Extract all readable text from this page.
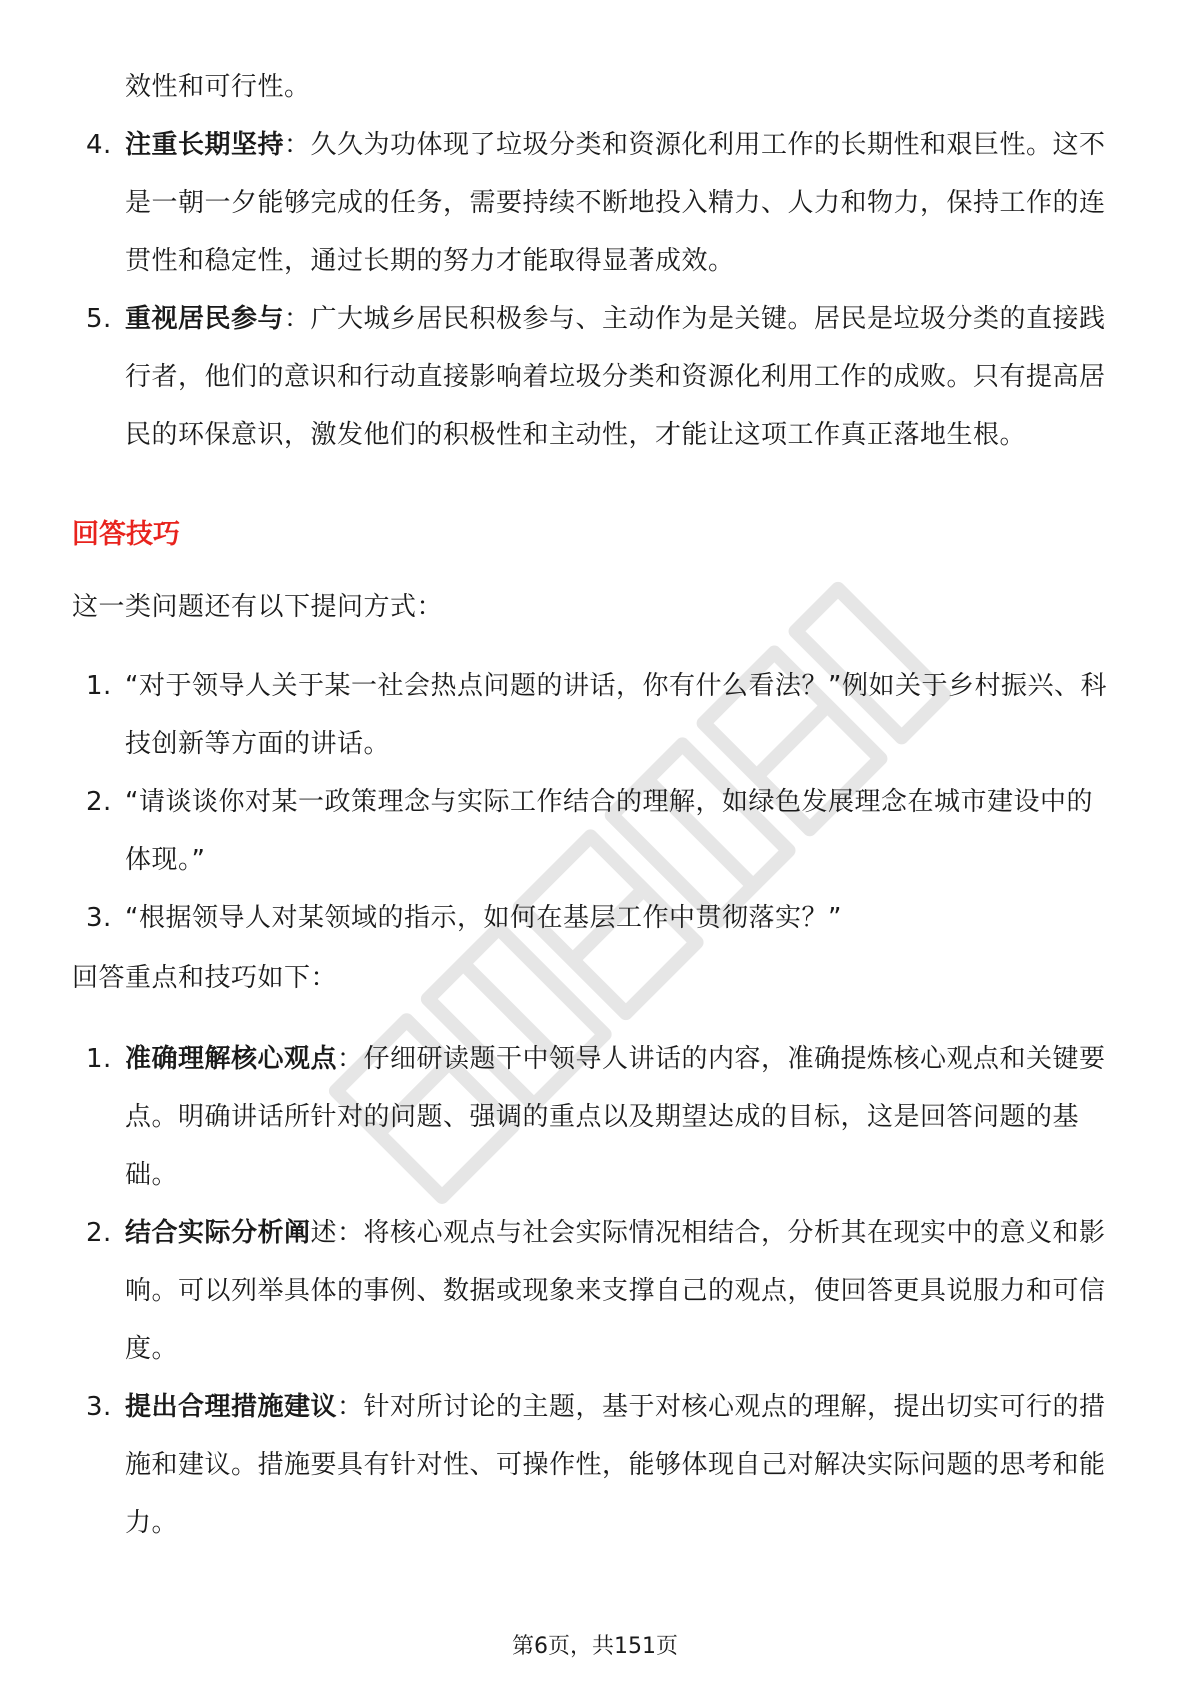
效性和可行性。
4. 注重长期坚持：久久为功体现了垃圾分类和资源化利用工作的长期性和艰巨性。这不是一朝一夕能够完成的任务，需要持续不断地投入精力、人力和物力，保持工作的连贯性和稳定性，通过长期的努力才能取得显著成效。
5. 重视居民参与：广大城乡居民积极参与、主动作为是关键。居民是垃圾分类的直接践行者，他们的意识和行动直接影响着垃圾分类和资源化利用工作的成败。只有提高居民的环保意识，激发他们的积极性和主动性，才能让这项工作真正落地生根。
回答技巧
这一类问题还有以下提问方式：
1. “对于领导人关于某一社会热点问题的讲话，你有什么看法？”例如关于乡村振兴、科技创新等方面的讲话。
2. “请谈谈你对某一政策理念与实际工作结合的理解，如绿色发展理念在城市建设中的体现。”
3. “根据领导人对某领域的指示，如何在基层工作中贯彻落实？”
回答重点和技巧如下：
1. 准确理解核心观点：仔细研读题干中领导人讲话的内容，准确提炼核心观点和关键要点。明确讲话所针对的问题、强调的重点以及期望达成的目标，这是回答问题的基础。
2. 结合实际分析阐述：将核心观点与社会实际情况相结合，分析其在现实中的意义和影响。可以列举具体的事例、数据或现象来支撑自己的观点，使回答更具说服力和可信度。
3. 提出合理措施建议：针对所讨论的主题，基于对核心观点的理解，提出切实可行的措施和建议。措施要具有针对性、可操作性，能够体现自己对解决实际问题的思考和能力。
第6页，共151页
